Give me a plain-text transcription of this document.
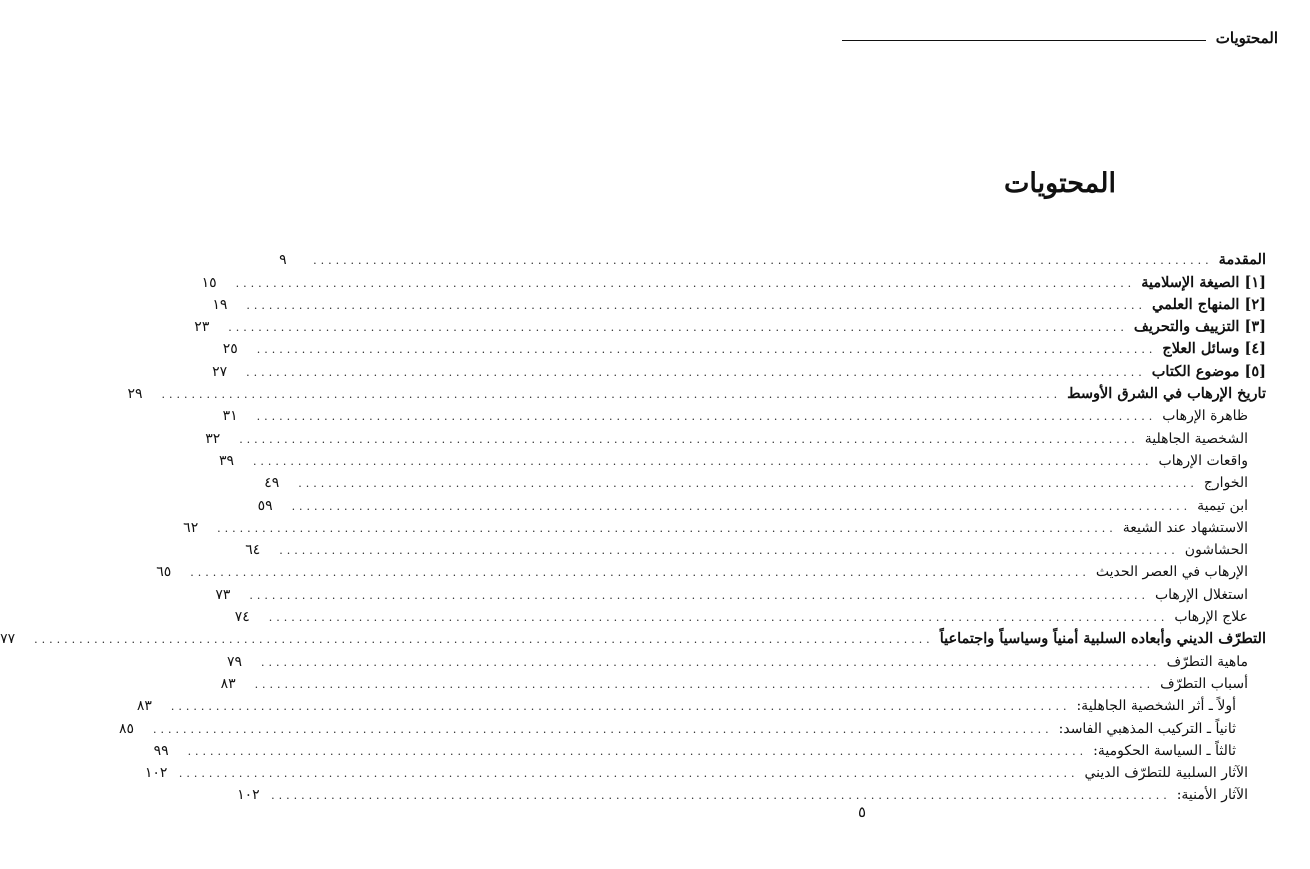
المحتويات
المحتويات
المقدمة
........................................................................................................................
٩
[١] الصيغة الإسلامية
........................................................................................................................
١٥
[٢] المنهاج العلمي
........................................................................................................................
١٩
[٣] التزييف والتحريف
........................................................................................................................
٢٣
[٤] وسائل العلاج
........................................................................................................................
٢٥
[٥] موضوع الكتاب
........................................................................................................................
٢٧
تاريخ الإرهاب في الشرق الأوسط
........................................................................................................................
٢٩
ظاهرة الإرهاب
........................................................................................................................
٣١
الشخصية الجاهلية
........................................................................................................................
٣٢
واقعات الإرهاب
........................................................................................................................
٣٩
الخوارج
........................................................................................................................
٤٩
ابن تيمية
........................................................................................................................
٥٩
الاستشهاد عند الشيعة
........................................................................................................................
٦٢
الحشاشون
........................................................................................................................
٦٤
الإرهاب في العصر الحديث
........................................................................................................................
٦٥
استغلال الإرهاب
........................................................................................................................
٧٣
علاج الإرهاب
........................................................................................................................
٧٤
التطرّف الديني وأبعاده السلبية أمنياً وسياسياً واجتماعياً
........................................................................................................................
٧٧
ماهية التطرّف
........................................................................................................................
٧٩
أسباب التطرّف
........................................................................................................................
٨٣
أولاً ـ أثر الشخصية الجاهلية:
........................................................................................................................
٨٣
ثانياً ـ التركيب المذهبي الفاسد:
........................................................................................................................
٨٥
ثالثاً ـ السياسة الحكومية:
........................................................................................................................
٩٩
الآثار السلبية للتطرّف الديني
........................................................................................................................
١٠٢
الآثار الأمنية:
........................................................................................................................
١٠٢
٥
